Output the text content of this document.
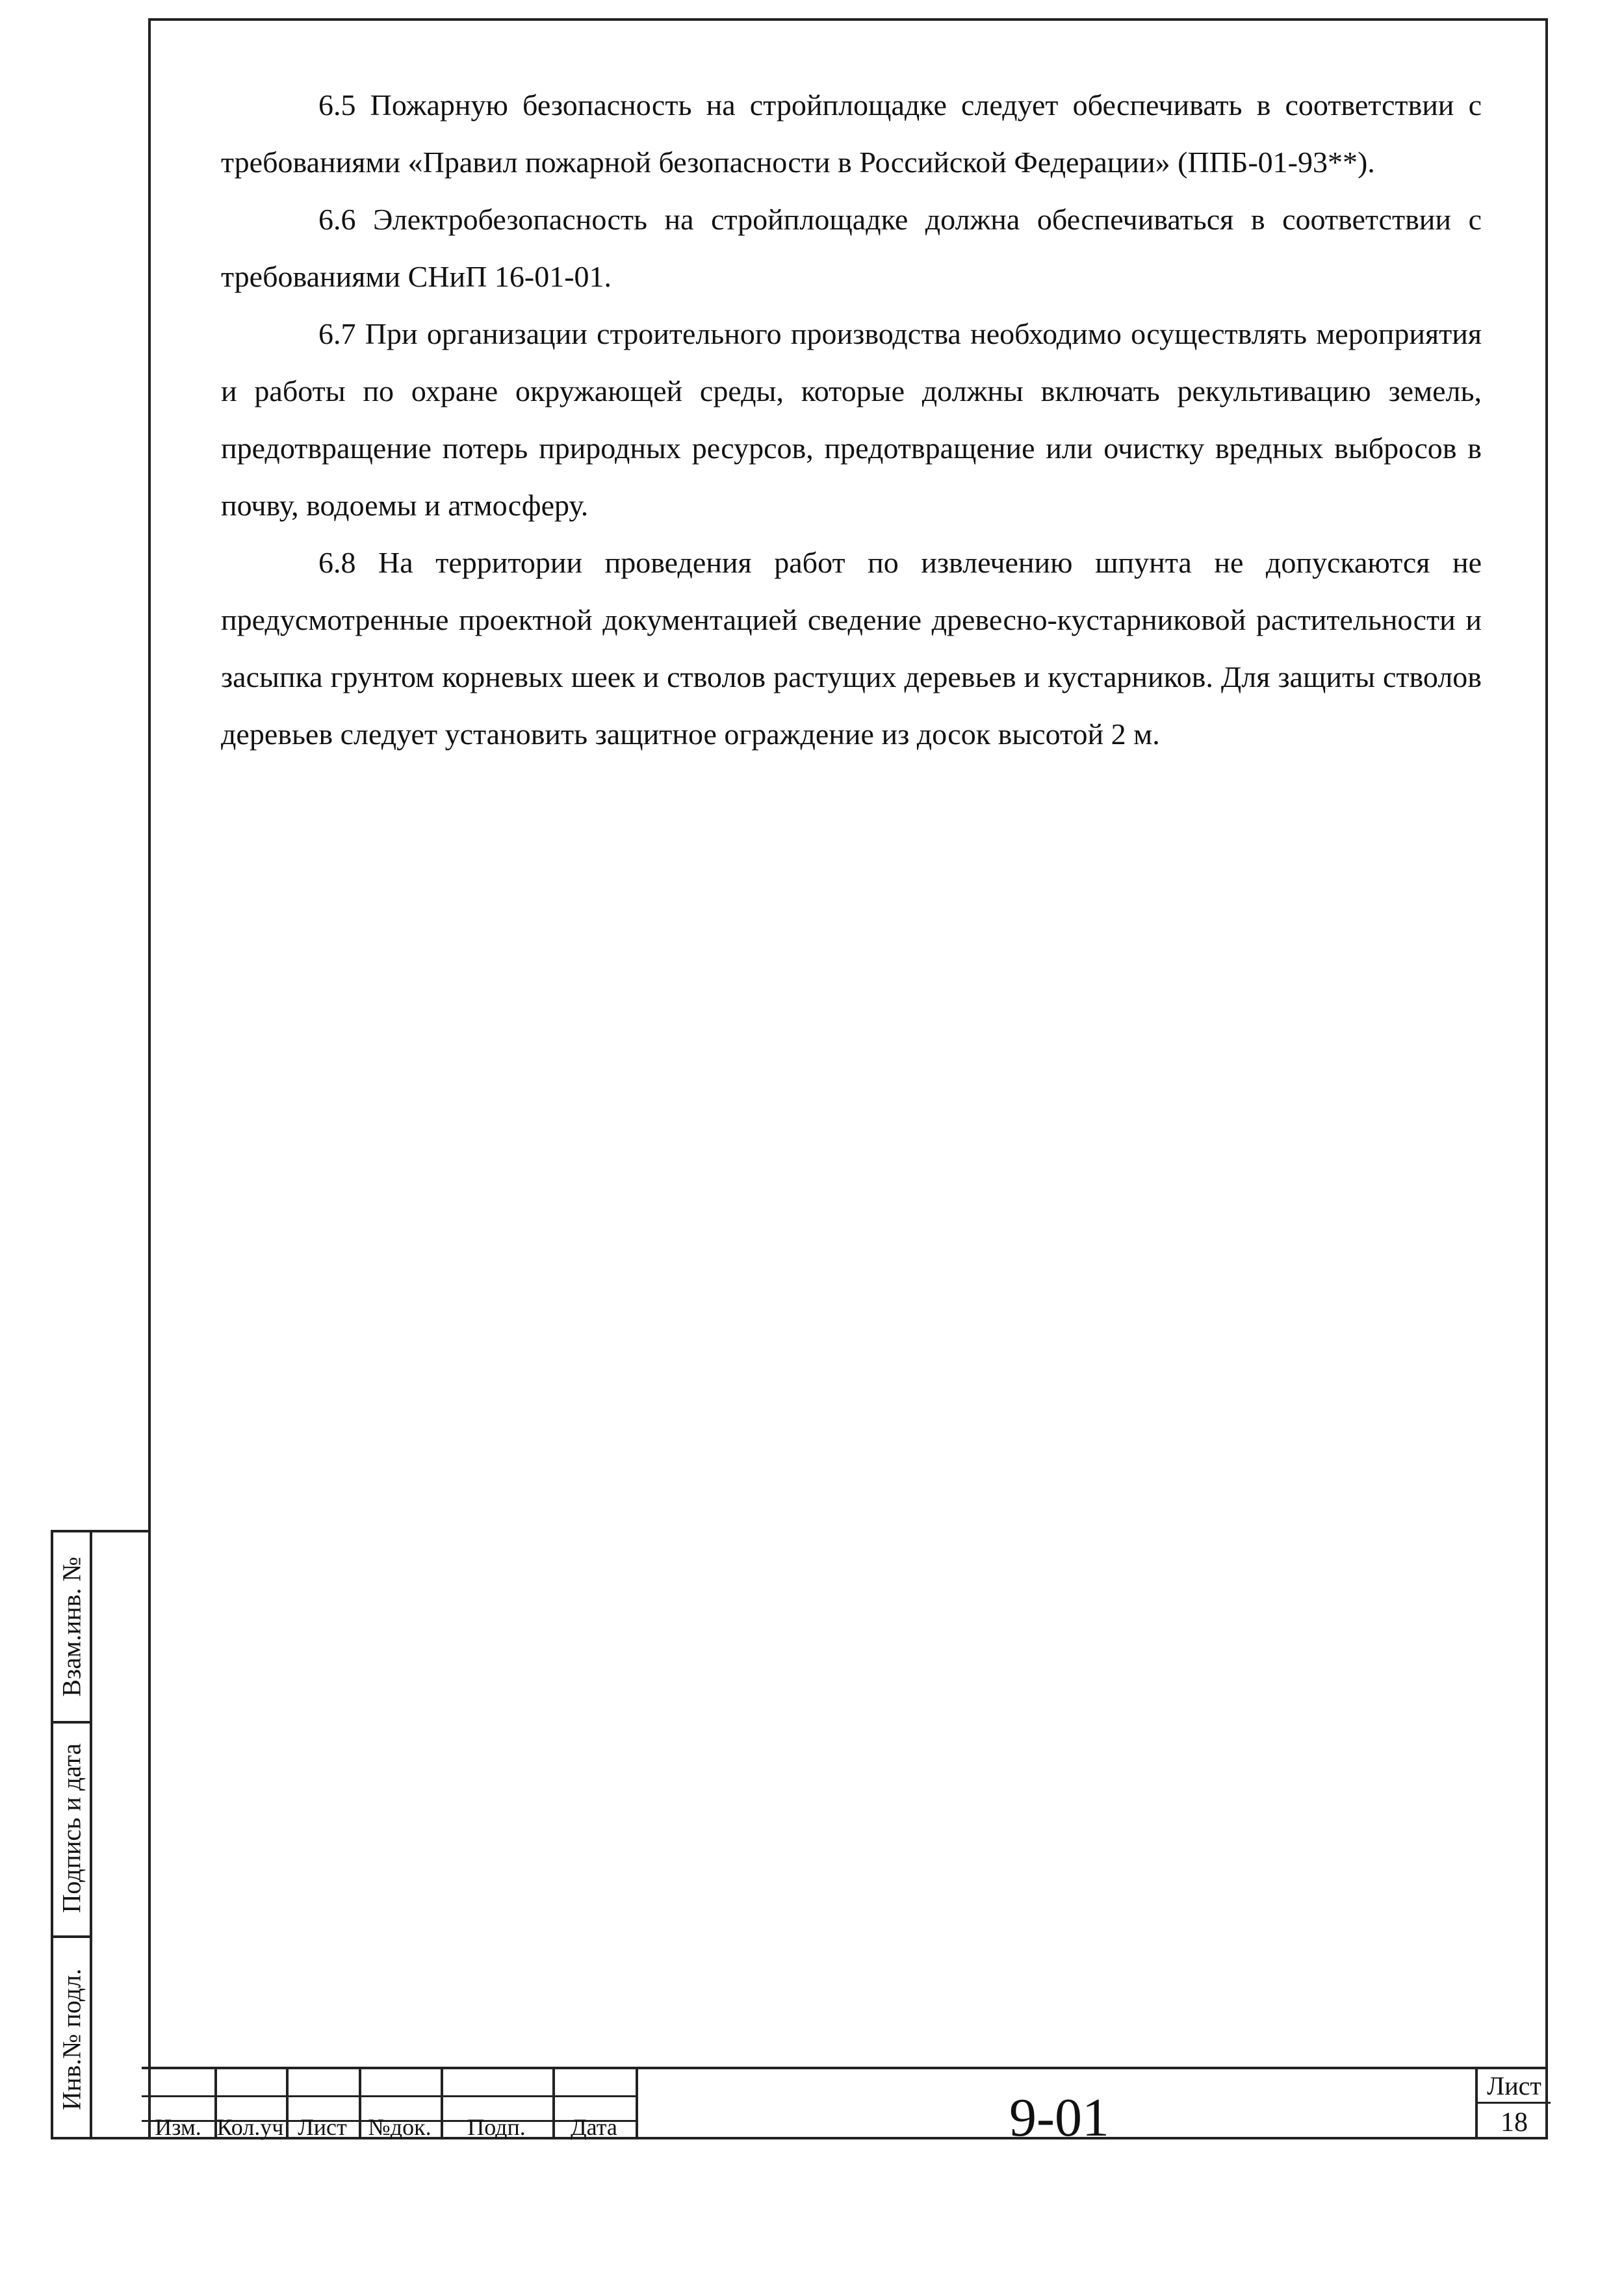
6.5 Пожарную безопасность на стройплощадке следует обеспечивать в соответствии с требованиями «Правил пожарной безопасности в Российской Федерации» (ППБ-01-93**).

6.6 Электробезопасность на стройплощадке должна обеспечиваться в соответствии с требованиями СНиП 16-01-01.

6.7 При организации строительного производства необходимо осуществлять мероприятия и работы по охране окружающей среды, которые должны включать рекультивацию земель, предотвращение потерь природных ресурсов, предотвращение или очистку вредных выбросов в почву, водоемы и атмосферу.

6.8 На территории проведения работ по извлечению шпунта не допускаются не предусмотренные проектной документацией сведение древесно-кустарниковой растительности и засыпка грунтом корневых шеек и стволов растущих деревьев и кустарников. Для защиты стволов деревьев следует установить защитное ограждение из досок высотой 2 м.

Взам.инв. №
Подпись и дата
Инв.№ подл.
Изм. Кол.уч Лист №док.	Подп.	Дата	9-01
Лист
18
